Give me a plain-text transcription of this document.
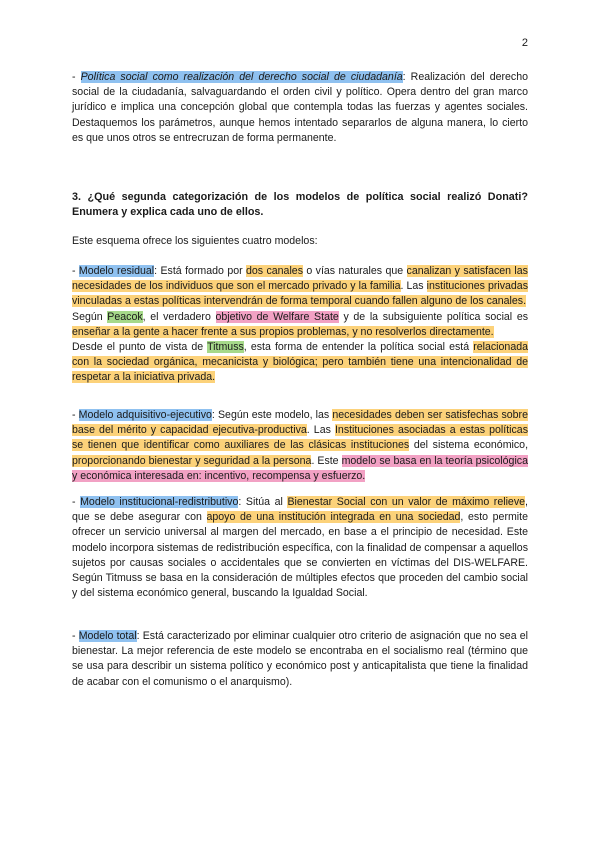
2

- Política social como realización del derecho social de ciudadanía: Realización del derecho social de la ciudadanía, salvaguardando el orden civil y político. Opera dentro del gran marco jurídico e implica una concepción global que contempla todas las fuerzas y agentes sociales. Destaquemos los parámetros, aunque hemos intentado separarlos de alguna manera, lo cierto es que unos otros se entrecruzan de forma permanente.

3. ¿Qué segunda categorización de los modelos de política social realizó Donati? Enumera y explica cada uno de ellos.

Este esquema ofrece los siguientes cuatro modelos:

- Modelo residual: Está formado por dos canales o vías naturales que canalizan y satisfacen las necesidades de los individuos que son el mercado privado y la familia. Las instituciones privadas vinculadas a estas políticas intervendrán de forma temporal cuando fallen alguno de los canales.

Según Peacok, el verdadero objetivo de Welfare State y de la subsiguiente política social es enseñar a la gente a hacer frente a sus propios problemas, y no resolverlos directamente.

Desde el punto de vista de Titmuss, esta forma de entender la política social está relacionada con la sociedad orgánica, mecanicista y biológica; pero también tiene una intencionalidad de respetar a la iniciativa privada.

- Modelo adquisitivo-ejecutivo: Según este modelo, las necesidades deben ser satisfechas sobre base del mérito y capacidad ejecutiva-productiva. Las Instituciones asociadas a estas políticas se tienen que identificar como auxiliares de las clásicas instituciones del sistema económico, proporcionando bienestar y seguridad a la persona. Este modelo se basa en la teoría psicológica y económica interesada en: incentivo, recompensa y esfuerzo.

- Modelo institucional-redistributivo: Sitúa al Bienestar Social con un valor de máximo relieve, que se debe asegurar con apoyo de una institución integrada en una sociedad, esto permite ofrecer un servicio universal al margen del mercado, en base a el principio de necesidad. Este modelo incorpora sistemas de redistribución específica, con la finalidad de compensar a aquellos sujetos por causas sociales o accidentales que se convierten en víctimas del DIS-WELFARE. Según Titmuss se basa en la consideración de múltiples efectos que proceden del cambio social y del sistema económico general, buscando la Igualdad Social.

- Modelo total: Está caracterizado por eliminar cualquier otro criterio de asignación que no sea el bienestar. La mejor referencia de este modelo se encontraba en el socialismo real (término que se usa para describir un sistema político y económico post y anticapitalista que tiene la finalidad de acabar con el comunismo o el anarquismo).
